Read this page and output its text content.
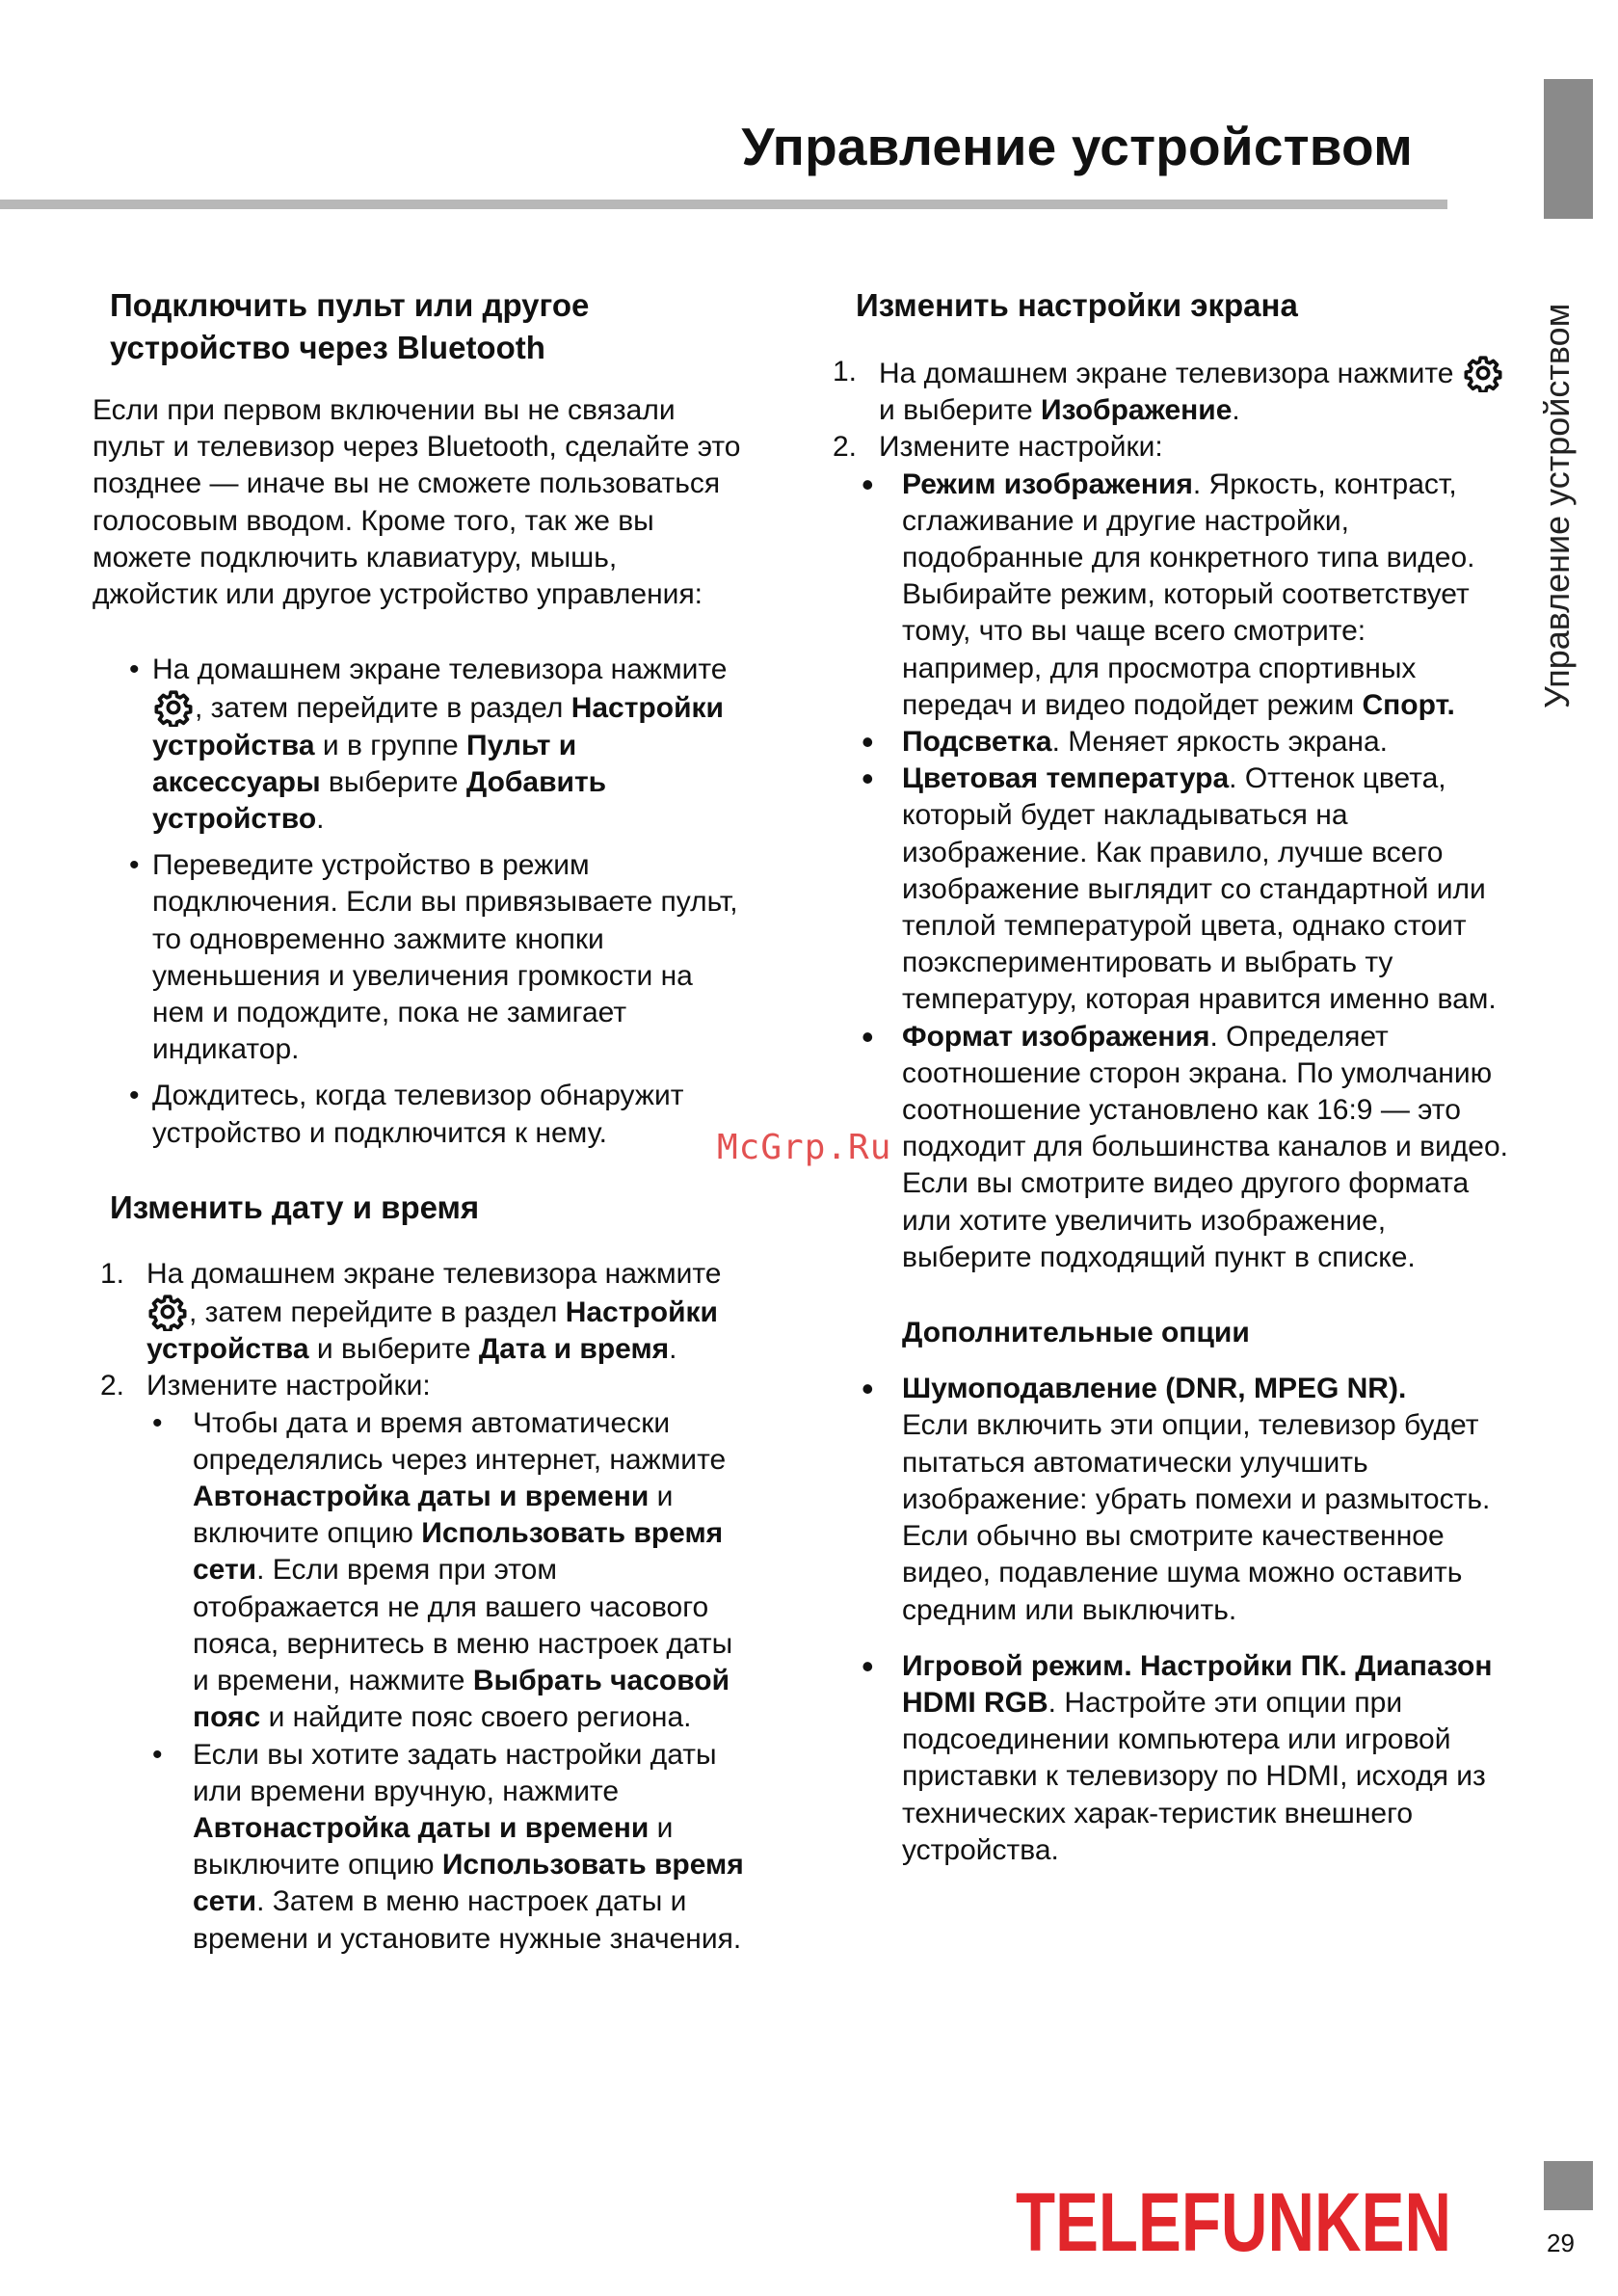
Управление устройством
Управление устройством
Подключить пульт или другое устройство через Bluetooth

Если при первом включении вы не связали пульт и телевизор через Bluetooth, сделайте это позднее — иначе вы не сможете пользоваться голосовым вводом. Кроме того, так же вы можете подключить клавиатуру, мышь, джойстик или другое устройство управления:

• На домашнем экране телевизора нажмите , затем перейдите в раздел Настройки устройства и в группе Пульт и аксессуары выберите Добавить устройство.
• Переведите устройство в режим подключения. Если вы привязываете пульт, то одновременно зажмите кнопки уменьшения и увеличения громкости на нем и подождите, пока не замигает индикатор.
• Дождитесь, когда телевизор обнаружит устройство и подключится к нему.
Изменить дату и время
1. На домашнем экране телевизора нажмите , затем перейдите в раздел Настройки устройства и выберите Дата и время.
2. Измените настройки:
• Чтобы дата и время автоматически определялись через интернет, нажмите Автонастройка даты и времени и включите опцию Использовать время сети. Если время при этом отображается не для вашего часового пояса, вернитесь в меню настроек даты и времени, нажмите Выбрать часовой пояс и найдите пояс своего региона.
• Если вы хотите задать настройки даты или времени вручную, нажмите Автонастройка даты и времени и выключите опцию Использовать время сети. Затем в меню настроек даты и времени и установите нужные значения.
Изменить настройки экрана
1. На домашнем экране телевизора нажмите  и выберите Изображение.
2. Измените настройки:
• Режим изображения. Яркость, контраст, сглаживание и другие настройки, подобранные для конкретного типа видео. Выбирайте режим, который соответствует тому, что вы чаще всего смотрите: например, для просмотра спортивных передач и видео подойдет режим Спорт.
• Подсветка. Меняет яркость экрана.
• Цветовая температура. Оттенок цвета, который будет накладываться на изображение. Как правило, лучше всего изображение выглядит со стандартной или теплой температурой цвета, однако стоит поэкспериментировать и выбрать ту температуру, которая нравится именно вам.
• Формат изображения. Определяет соотношение сторон экрана. По умолчанию соотношение установлено как 16:9 — это подходит для большинства каналов и видео. Если вы смотрите видео другого формата или хотите увеличить изображение, выберите подходящий пункт в списке.
Дополнительные опции
• Шумоподавление (DNR, MPEG NR).
Если включить эти опции, телевизор будет пытаться автоматически улучшить изображение: убрать помехи и размытость. Если обычно вы смотрите качественное видео, подавление шума можно оставить средним или выключить.
• Игровой режим. Настройки ПК. Диапазон HDMI RGB. Настройте эти опции при подсоединении компьютера или игровой приставки к телевизору по HDMI, исходя из технических харак-теристик внешнего устройства.
McGrp.Ru
TELEFUNKEN	29
